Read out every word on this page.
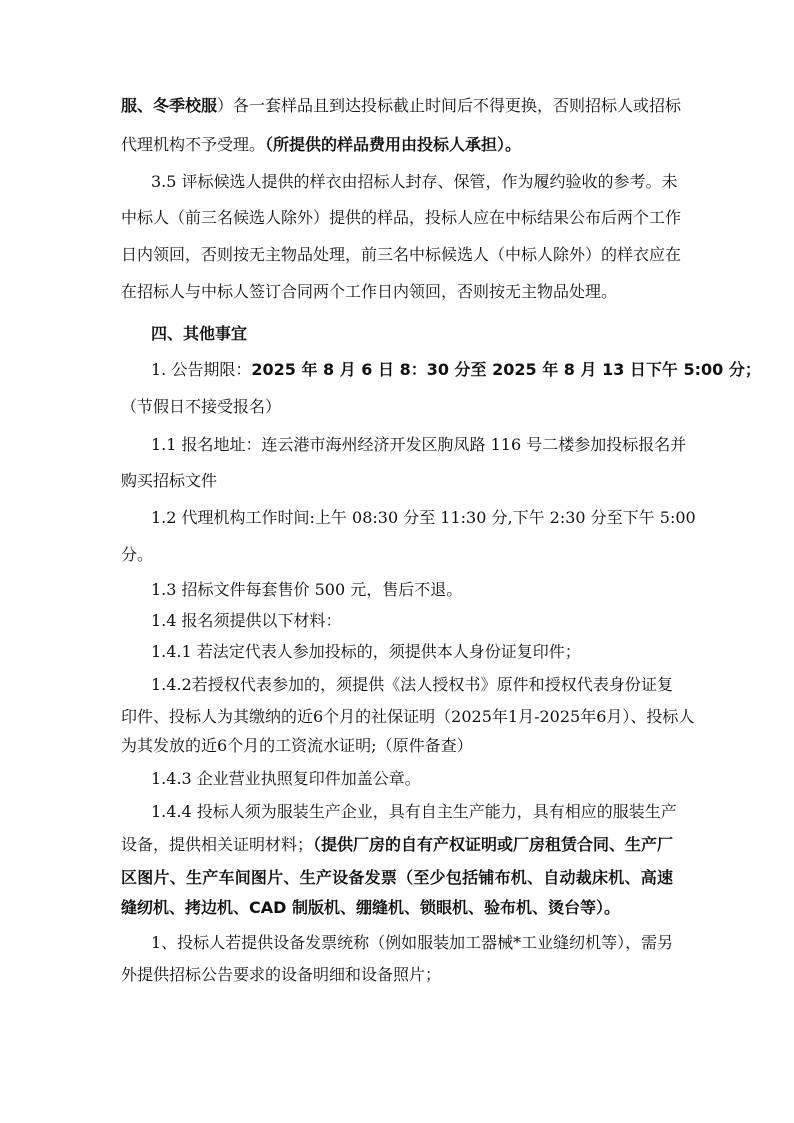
服、冬季校服）各一套样品且到达投标截止时间后不得更换，否则招标人或招标
代理机构不予受理。（所提供的样品费用由投标人承担）。
3.5 评标候选人提供的样衣由招标人封存、保管，作为履约验收的参考。未
中标人（前三名候选人除外）提供的样品，投标人应在中标结果公布后两个工作
日内领回，否则按无主物品处理，前三名中标候选人（中标人除外）的样衣应在
在招标人与中标人签订合同两个工作日内领回，否则按无主物品处理。
四、其他事宜
1. 公告期限：2025 年 8 月 6 日 8：30 分至 2025 年 8 月 13 日下午 5:00 分；
（节假日不接受报名）
1.1 报名地址：连云港市海州经济开发区朐凤路 116 号二楼参加投标报名并
购买招标文件
1.2 代理机构工作时间:上午 08:30 分至 11:30 分,下午 2:30 分至下午 5:00
分。
1.3 招标文件每套售价 500 元，售后不退。
1.4 报名须提供以下材料：
1.4.1 若法定代表人参加投标的，须提供本人身份证复印件；
1.4.2若授权代表参加的，须提供《法人授权书》原件和授权代表身份证复
印件、投标人为其缴纳的近6个月的社保证明（2025年1月-2025年6月）、投标人
为其发放的近6个月的工资流水证明;（原件备查）
1.4.3 企业营业执照复印件加盖公章。
1.4.4 投标人须为服装生产企业，具有自主生产能力，具有相应的服装生产
设备，提供相关证明材料；（提供厂房的自有产权证明或厂房租赁合同、生产厂
区图片、生产车间图片、生产设备发票（至少包括铺布机、自动裁床机、高速
缝纫机、拷边机、CAD 制版机、绷缝机、锁眼机、验布机、烫台等）。
1、投标人若提供设备发票统称（例如服装加工器械*工业缝纫机等），需另
外提供招标公告要求的设备明细和设备照片；
